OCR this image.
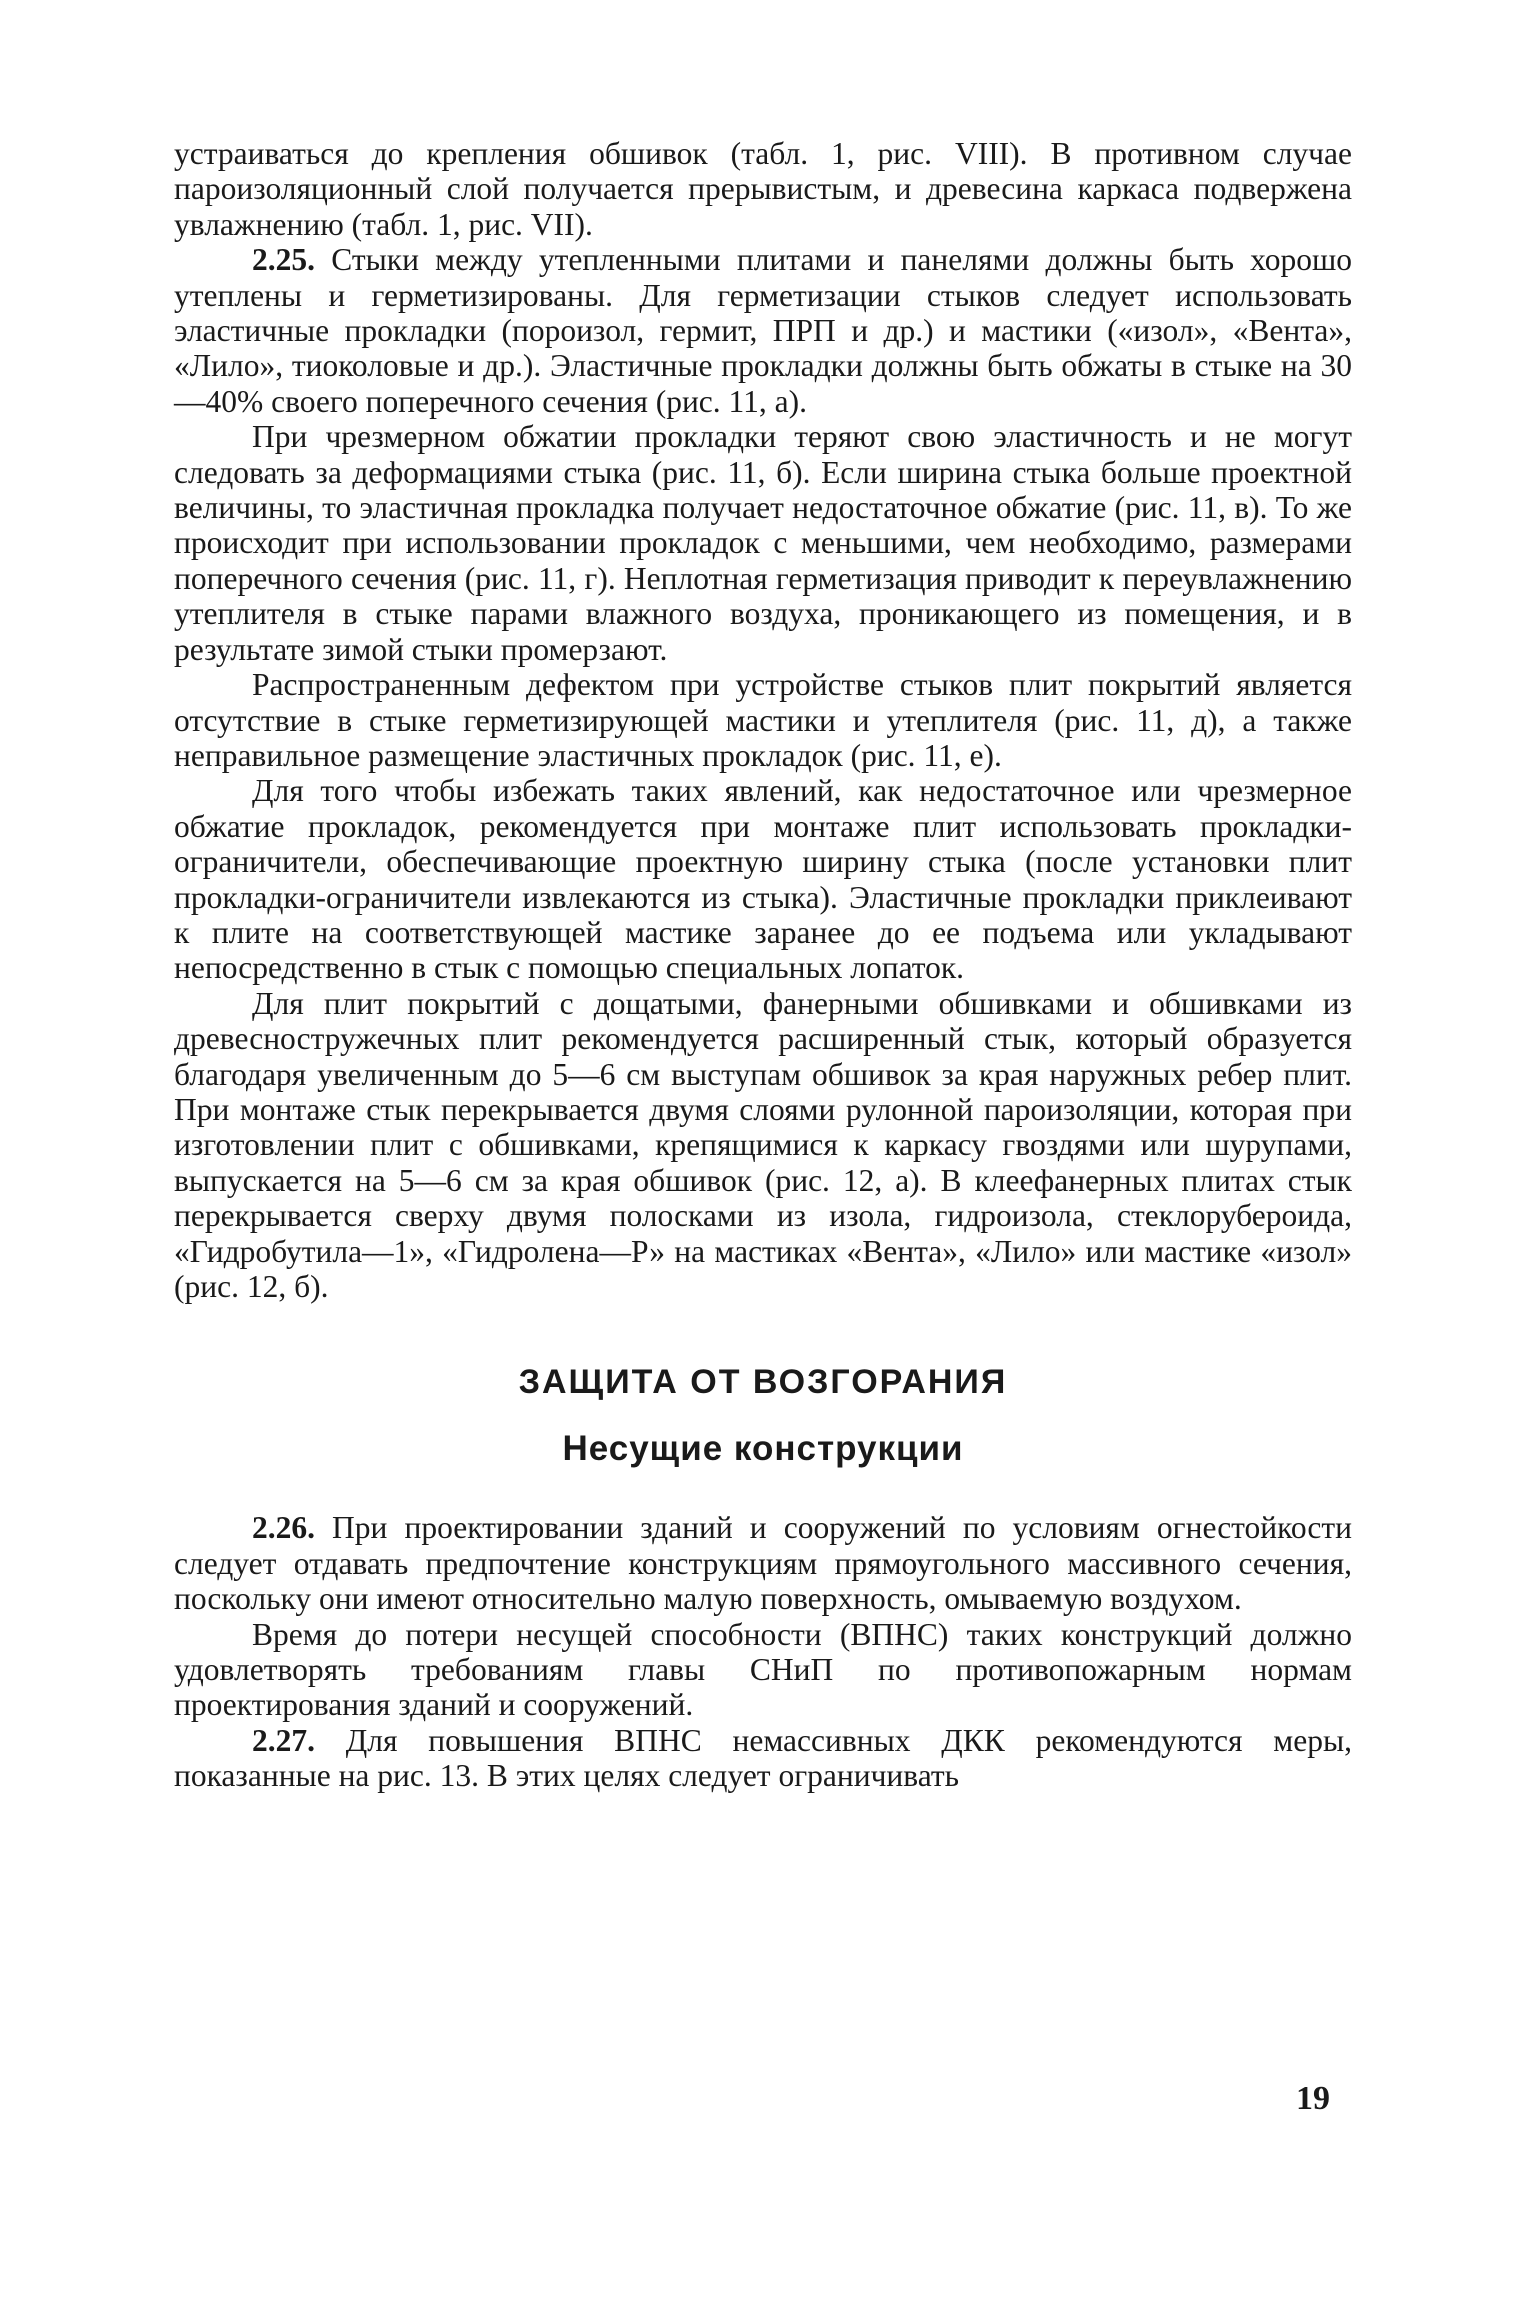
устраиваться до крепления обшивок (табл. 1, рис. VIII). В противном случае пароизоляционный слой получается прерывистым, и древесина каркаса подвержена увлажнению (табл. 1, рис. VII).

2.25. Стыки между утепленными плитами и панелями должны быть хорошо утеплены и герметизированы. Для герметизации стыков следует использовать эластичные прокладки (пороизол, гермит, ПРП и др.) и мастики («изол», «Вента», «Лило», тиоколовые и др.). Эластичные прокладки должны быть обжаты в стыке на 30—40% своего поперечного сечения (рис. 11, а).

При чрезмерном обжатии прокладки теряют свою эластичность и не могут следовать за деформациями стыка (рис. 11, б). Если ширина стыка больше проектной величины, то эластичная прокладка получает недостаточное обжатие (рис. 11, в). То же происходит при использовании прокладок с меньшими, чем необходимо, размерами поперечного сечения (рис. 11, г). Неплотная герметизация приводит к переувлажнению утеплителя в стыке парами влажного воздуха, проникающего из помещения, и в результате зимой стыки промерзают.

Распространенным дефектом при устройстве стыков плит покрытий является отсутствие в стыке герметизирующей мастики и утеплителя (рис. 11, д), а также неправильное размещение эластичных прокладок (рис. 11, е).

Для того чтобы избежать таких явлений, как недостаточное или чрезмерное обжатие прокладок, рекомендуется при монтаже плит использовать прокладки-ограничители, обеспечивающие проектную ширину стыка (после установки плит прокладки-ограничители извлекаются из стыка). Эластичные прокладки приклеивают к плите на соответствующей мастике заранее до ее подъема или укладывают непосредственно в стык с помощью специальных лопаток.

Для плит покрытий с дощатыми, фанерными обшивками и обшивками из древесностружечных плит рекомендуется расширенный стык, который образуется благодаря увеличенным до 5—6 см выступам обшивок за края наружных ребер плит. При монтаже стык перекрывается двумя слоями рулонной пароизоляции, которая при изготовлении плит с обшивками, крепящимися к каркасу гвоздями или шурупами, выпускается на 5—6 см за края обшивок (рис. 12, а). В клеефанерных плитах стык перекрывается сверху двумя полосками из изола, гидроизола, стеклорубероида, «Гидробутила—1», «Гидролена—Р» на мастиках «Вента», «Лило» или мастике «изол» (рис. 12, б).

ЗАЩИТА ОТ ВОЗГОРАНИЯ
Несущие конструкции

2.26. При проектировании зданий и сооружений по условиям огнестойкости следует отдавать предпочтение конструкциям прямоугольного массивного сечения, поскольку они имеют относительно малую поверхность, омываемую воздухом.

Время до потери несущей способности (ВПНС) таких конструкций должно удовлетворять требованиям главы СНиП по противопожарным нормам проектирования зданий и сооружений.

2.27. Для повышения ВПНС немассивных ДКК рекомендуются меры, показанные на рис. 13. В этих целях следует ограничивать

19
